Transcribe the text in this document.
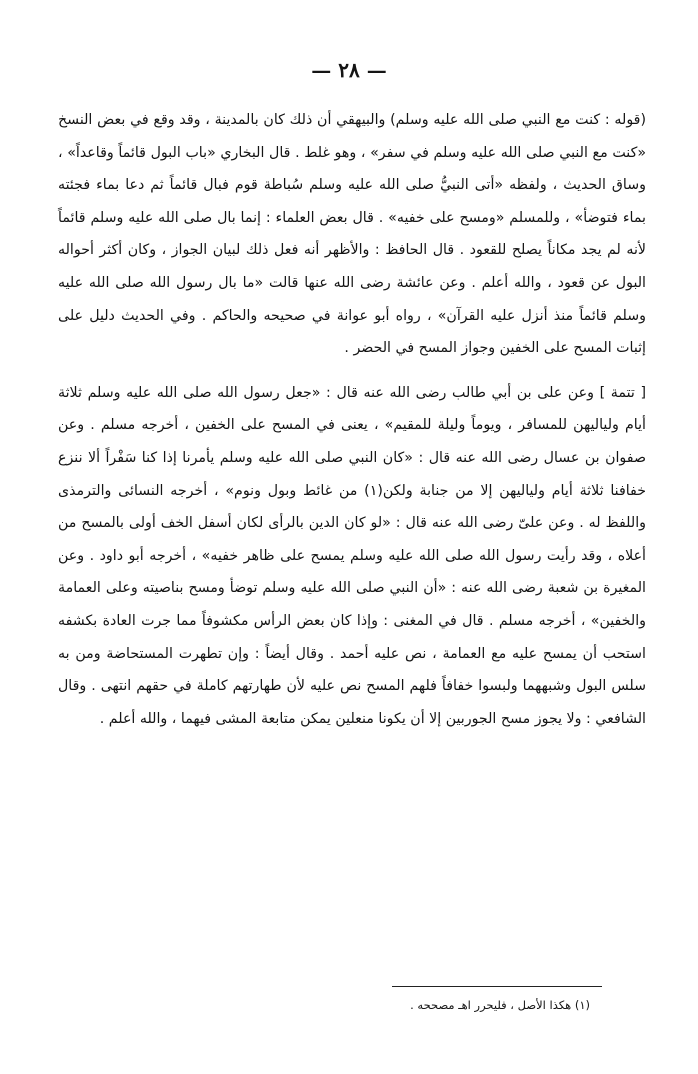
— ٢٨ —

(قوله : كنت مع النبي صلى الله عليه وسلم) والبيهقي أن ذلك كان بالمدينة ، وقد وقع في بعض النسخ «كنت مع النبي صلى الله عليه وسلم في سفر» ، وهو غلط . قال البخاري «باب البول قائماً وقاعداً» ، وساق الحديث ، ولفظه «أتى النبيُّ صلى الله عليه وسلم سُباطة قوم فبال قائماً ثم دعا بماء فجئته بماء فتوضأ» ، وللمسلم «ومسح على خفيه» . قال بعض العلماء : إنما بال صلى الله عليه وسلم قائماً لأنه لم يجد مكاناً يصلح للقعود . قال الحافظ : والأظهر أنه فعل ذلك لبيان الجواز ، وكان أكثر أحواله البول عن قعود ، والله أعلم . وعن عائشة رضى الله عنها قالت «ما بال رسول الله صلى الله عليه وسلم قائماً منذ أنزل عليه القرآن» ، رواه أبو عوانة في صحيحه والحاكم . وفي الحديث دليل على إثبات المسح على الخفين وجواز المسح في الحضر .

[ تتمة ] وعن على بن أبي طالب رضى الله عنه قال : «جعل رسول الله صلى الله عليه وسلم ثلاثة أيام ولياليهن للمسافر ، ويوماً وليلة للمقيم» ، يعنى في المسح على الخفين ، أخرجه مسلم . وعن صفوان بن عسال رضى الله عنه قال : «كان النبي صلى الله عليه وسلم يأمرنا إذا كنا سَفْراً ألا ننزع خفافنا ثلاثة أيام ولياليهن إلا من جنابة ولكن(١) من غائط وبول ونوم» ، أخرجه النسائى والترمذى واللفظ له . وعن علىّ رضى الله عنه قال : «لو كان الدين بالرأى لكان أسفل الخف أولى بالمسح من أعلاه ، وقد رأيت رسول الله صلى الله عليه وسلم يمسح على ظاهر خفيه» ، أخرجه أبو داود . وعن المغيرة بن شعبة رضى الله عنه : «أن النبي صلى الله عليه وسلم توضأ ومسح بناصيته وعلى العمامة والخفين» ، أخرجه مسلم . قال في المغنى : وإذا كان بعض الرأس مكشوفاً مما جرت العادة بكشفه استحب أن يمسح عليه مع العمامة ، نص عليه أحمد . وقال أيضاً : وإن تطهرت المستحاضة ومن به سلس البول وشبههما ولبسوا خفافاً فلهم المسح نص عليه لأن طهارتهم كاملة في حقهم انتهى . وقال الشافعي : ولا يجوز مسح الجوربين إلا أن يكونا منعلين يمكن متابعة المشى فيهما ، والله أعلم .

(١) هكذا الأصل ، فليحرر اهـ مصححه .
